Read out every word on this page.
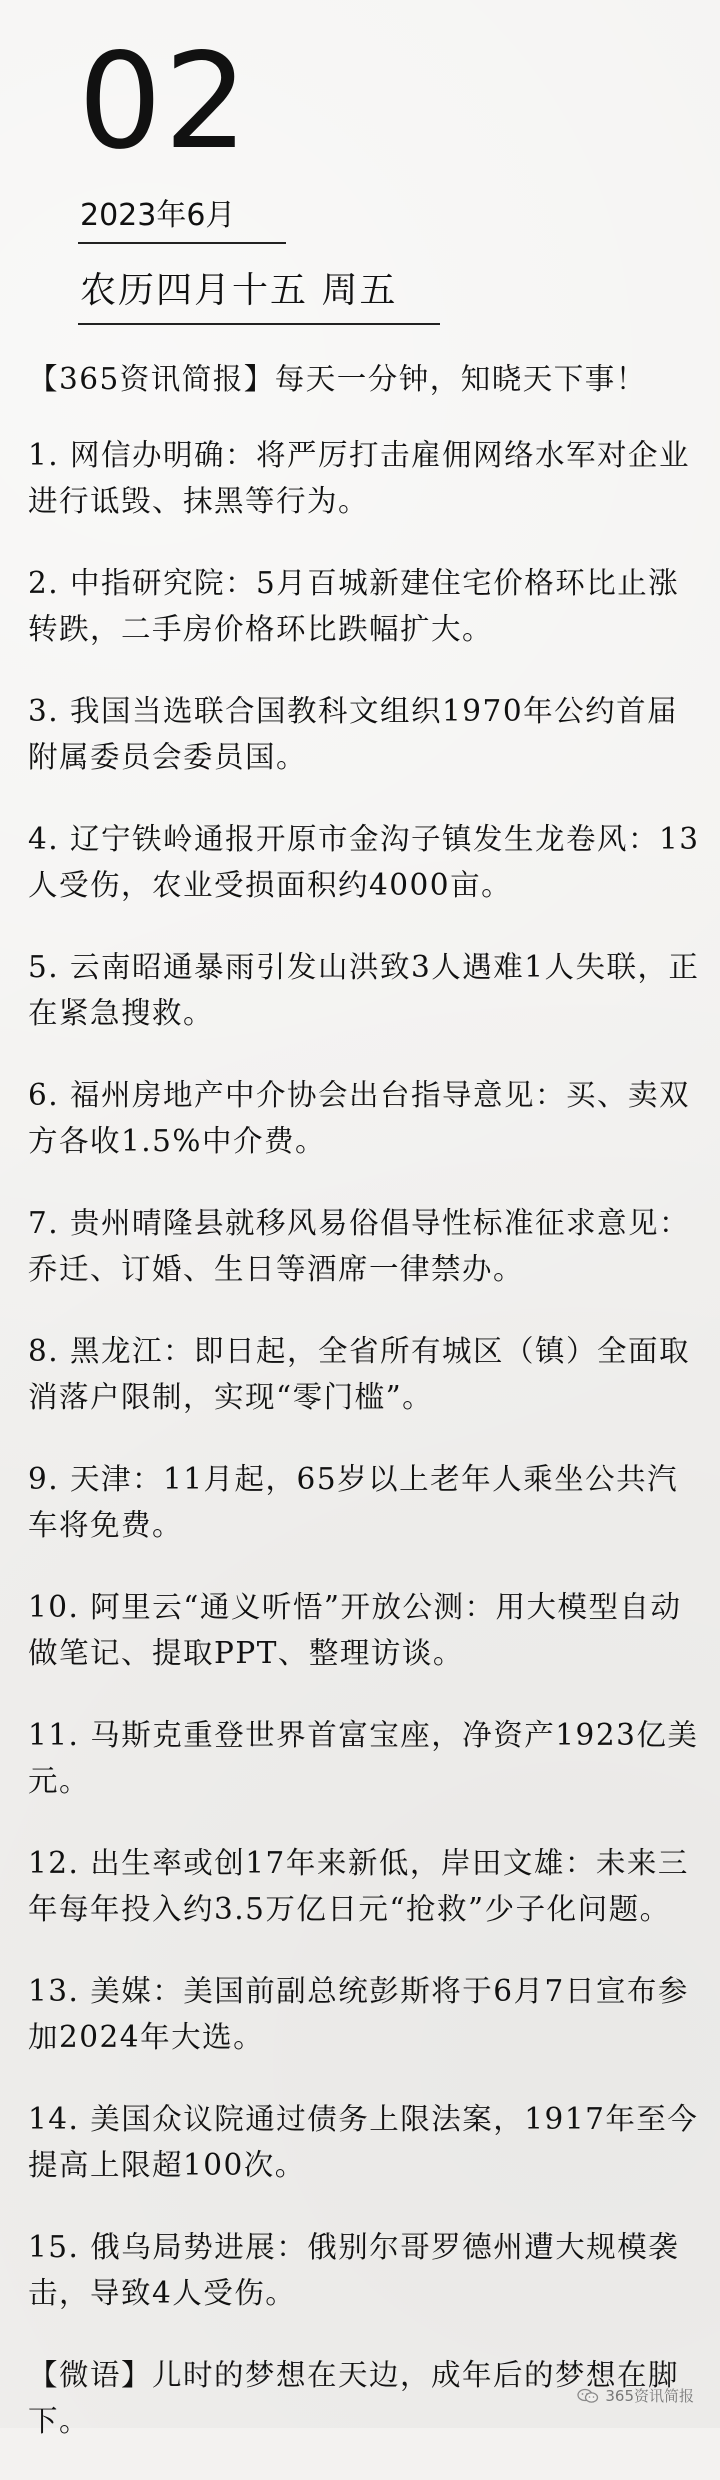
02
2023年6月
农历四月十五 周五

【365资讯简报】每天一分钟，知晓天下事！

1. 网信办明确：将严厉打击雇佣网络水军对企业进行诋毁、抹黑等行为。

2. 中指研究院：5月百城新建住宅价格环比止涨转跌，二手房价格环比跌幅扩大。

3. 我国当选联合国教科文组织1970年公约首届附属委员会委员国。

4. 辽宁铁岭通报开原市金沟子镇发生龙卷风：13人受伤，农业受损面积约4000亩。

5. 云南昭通暴雨引发山洪致3人遇难1人失联，正在紧急搜救。

6. 福州房地产中介协会出台指导意见：买、卖双方各收1.5%中介费。

7. 贵州晴隆县就移风易俗倡导性标准征求意见：乔迁、订婚、生日等酒席一律禁办。

8. 黑龙江：即日起，全省所有城区（镇）全面取消落户限制，实现“零门槛”。

9. 天津：11月起，65岁以上老年人乘坐公共汽车将免费。

10. 阿里云“通义听悟”开放公测：用大模型自动做笔记、提取PPT、整理访谈。

11. 马斯克重登世界首富宝座，净资产1923亿美元。

12. 出生率或创17年来新低，岸田文雄：未来三年每年投入约3.5万亿日元“抢救”少子化问题。

13. 美媒：美国前副总统彭斯将于6月7日宣布参加2024年大选。

14. 美国众议院通过债务上限法案，1917年至今提高上限超100次。

15. 俄乌局势进展：俄别尔哥罗德州遭大规模袭击，导致4人受伤。

【微语】儿时的梦想在天边，成年后的梦想在脚下。

365资讯简报
